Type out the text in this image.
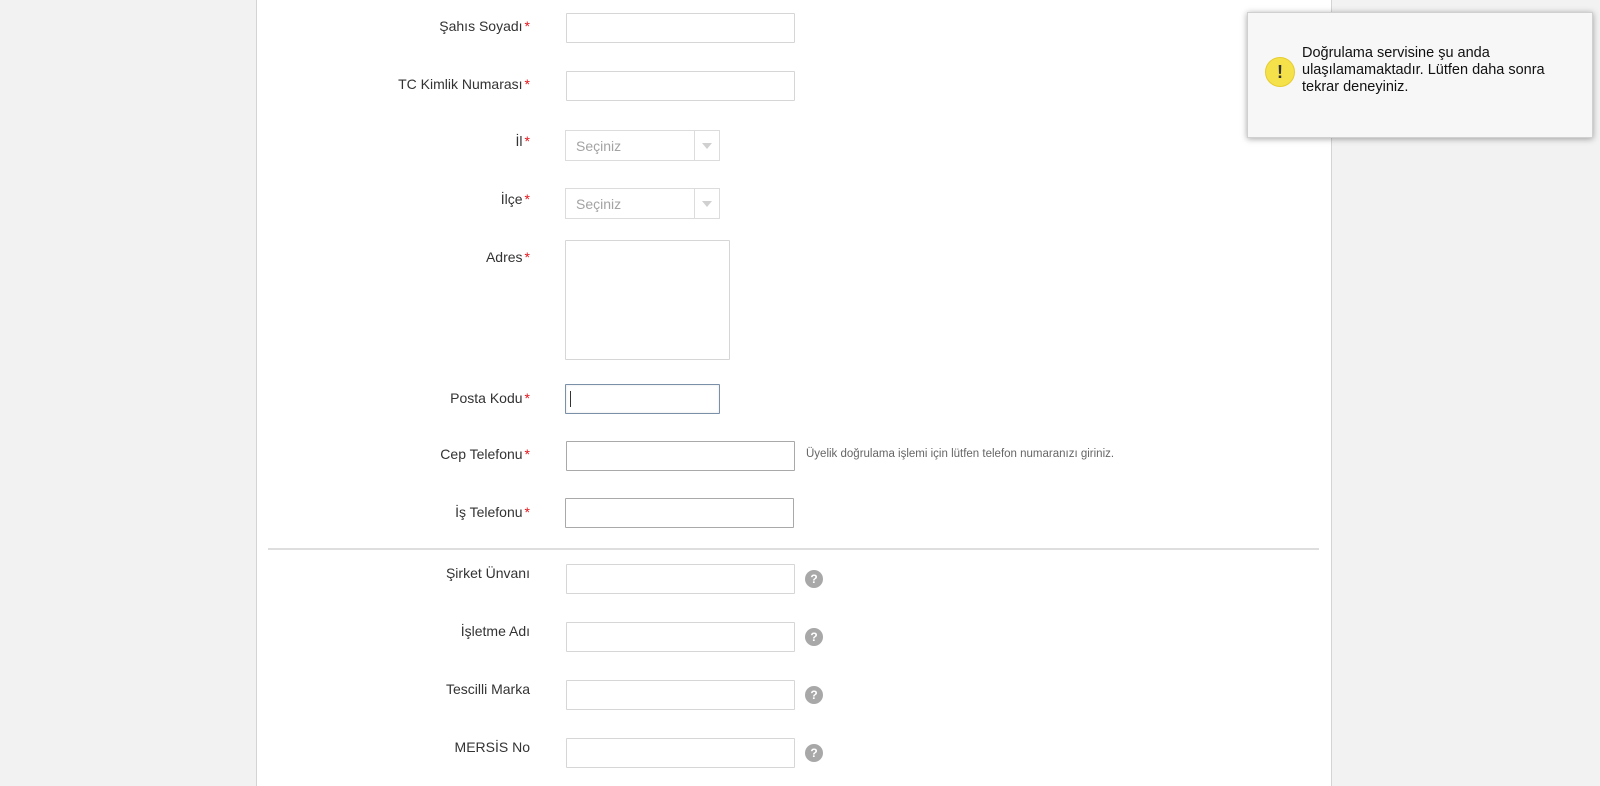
Şahıs Soyadı *
TC Kimlik Numarası *
İl *	Seçiniz
İlçe *	Seçiniz
Adres *
Posta Kodu *
Cep Telefonu *	Üyelik doğrulama işlemi için lütfen telefon numaranızı giriniz.
İş Telefonu *
Şirket Ünvanı	?
İşletme Adı	?
Tescilli Marka	?
MERSİS No	?
!
Doğrulama servisine şu anda ulaşılamamaktadır. Lütfen daha sonra tekrar deneyiniz.
